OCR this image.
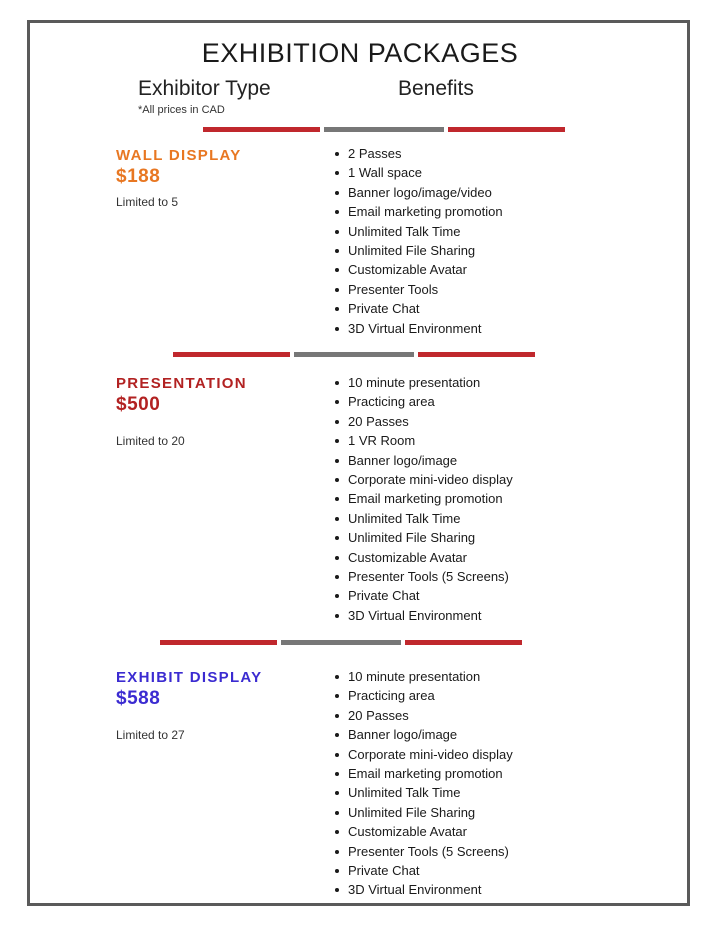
EXHIBITION PACKAGES
Exhibitor Type	Benefits
*All prices in CAD
WALL DISPLAY
$188
Limited to 5
2 Passes
1 Wall space
Banner logo/image/video
Email marketing promotion
Unlimited Talk Time
Unlimited File Sharing
Customizable Avatar
Presenter Tools
Private Chat
3D Virtual Environment
PRESENTATION
$500
Limited to 20
10 minute presentation
Practicing area
20 Passes
1 VR Room
Banner logo/image
Corporate mini-video display
Email marketing promotion
Unlimited Talk Time
Unlimited File Sharing
Customizable Avatar
Presenter Tools (5 Screens)
Private Chat
3D Virtual Environment
EXHIBIT DISPLAY
$588
Limited to 27
10 minute presentation
Practicing area
20 Passes
Banner logo/image
Corporate mini-video display
Email marketing promotion
Unlimited Talk Time
Unlimited File Sharing
Customizable Avatar
Presenter Tools (5 Screens)
Private Chat
3D Virtual Environment
